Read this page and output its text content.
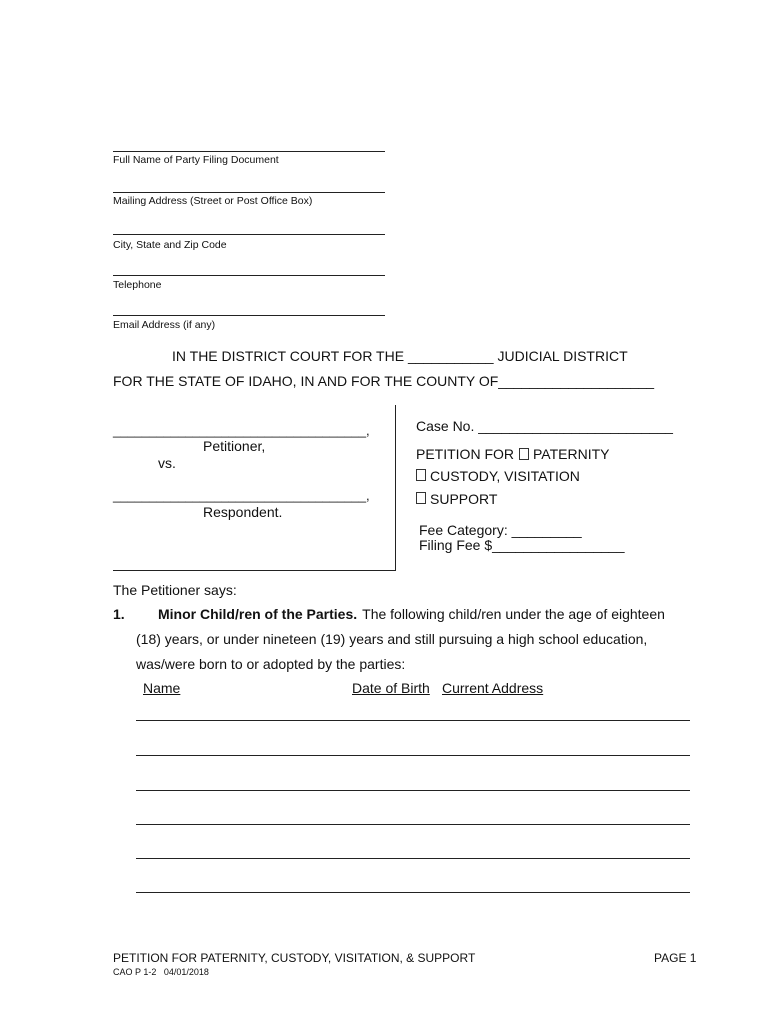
Full Name of Party Filing Document
Mailing Address (Street or Post Office Box)
City, State and Zip Code
Telephone
Email Address (if any)
IN THE DISTRICT COURT FOR THE ___________ JUDICIAL DISTRICT
FOR THE STATE OF IDAHO, IN AND FOR THE COUNTY OF____________________
___________________________________,
Petitioner,
vs.
___________________________________,
Respondent.
Case No. _________________________
PETITION FOR PATERNITY
CUSTODY, VISITATION
SUPPORT
Fee Category: _________
Filing Fee $_________________
The Petitioner says:
1. Minor Child/ren of the Parties. The following child/ren under the age of eighteen
(18) years, or under nineteen (19) years and still pursuing a high school education,
was/were born to or adopted by the parties:
Name	Date of Birth Current Address
PETITION FOR PATERNITY, CUSTODY, VISITATION, & SUPPORT
CAO P 1-2   04/01/2018
PAGE 1
